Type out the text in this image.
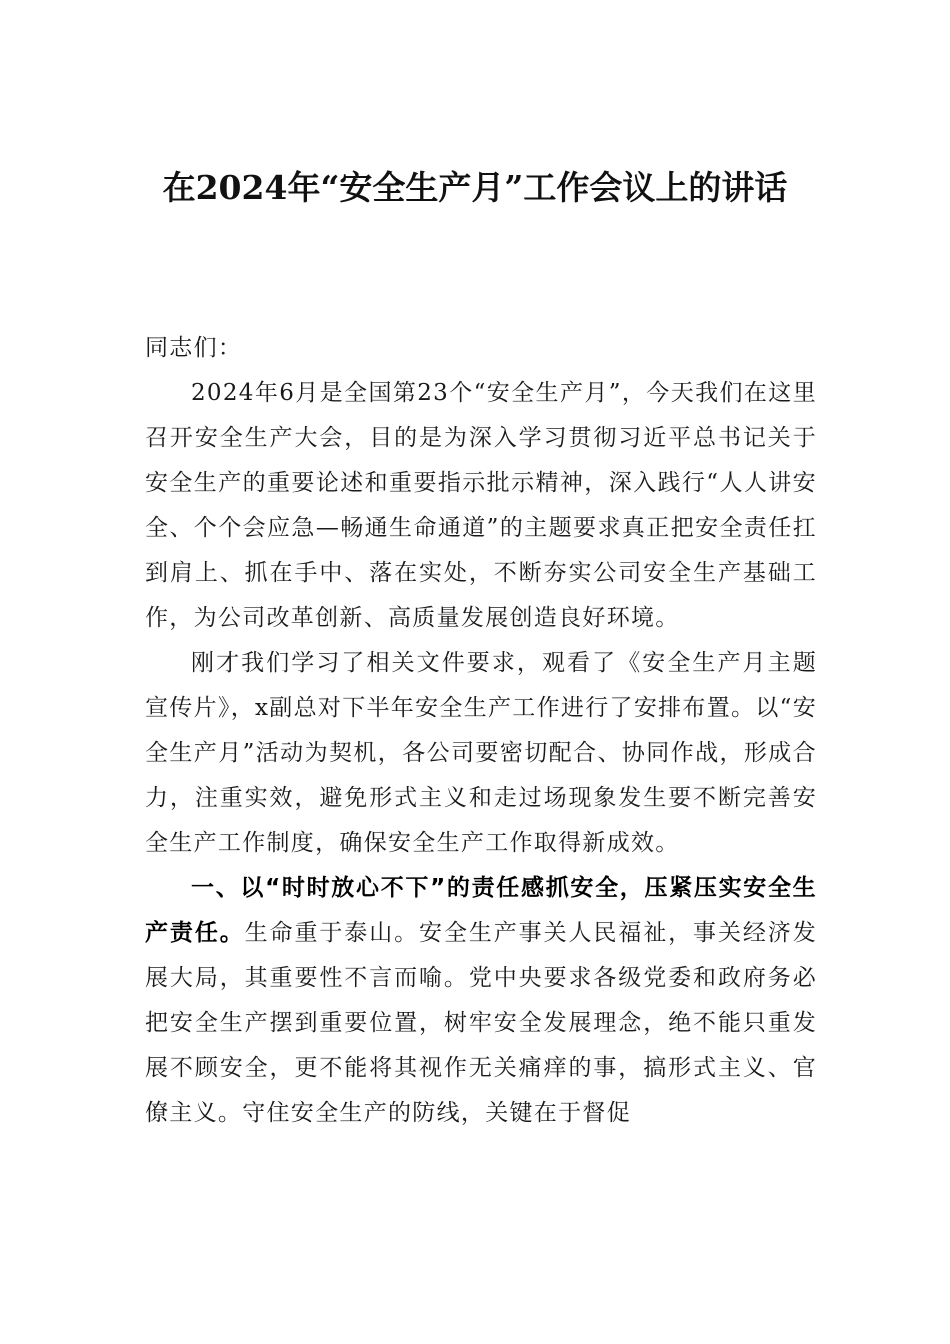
在2024年“安全生产月”工作会议上的讲话

同志们：

2024年6月是全国第23个“安全生产月”，今天我们在这里召开安全生产大会，目的是为深入学习贯彻习近平总书记关于安全生产的重要论述和重要指示批示精神，深入践行“人人讲安全、个个会应急—畅通生命通道”的主题要求真正把安全责任扛到肩上、抓在手中、落在实处，不断夯实公司安全生产基础工作，为公司改革创新、高质量发展创造良好环境。

刚才我们学习了相关文件要求，观看了《安全生产月主题宣传片》，x副总对下半年安全生产工作进行了安排布置。以“安全生产月”活动为契机，各公司要密切配合、协同作战，形成合力，注重实效，避免形式主义和走过场现象发生要不断完善安全生产工作制度，确保安全生产工作取得新成效。

一、以“时时放心不下”的责任感抓安全，压紧压实安全生产责任。生命重于泰山。安全生产事关人民福祉，事关经济发展大局，其重要性不言而喻。党中央要求各级党委和政府务必把安全生产摆到重要位置，树牢安全发展理念，绝不能只重发展不顾安全，更不能将其视作无关痛痒的事，搞形式主义、官僚主义。守住安全生产的防线，关键在于督促
